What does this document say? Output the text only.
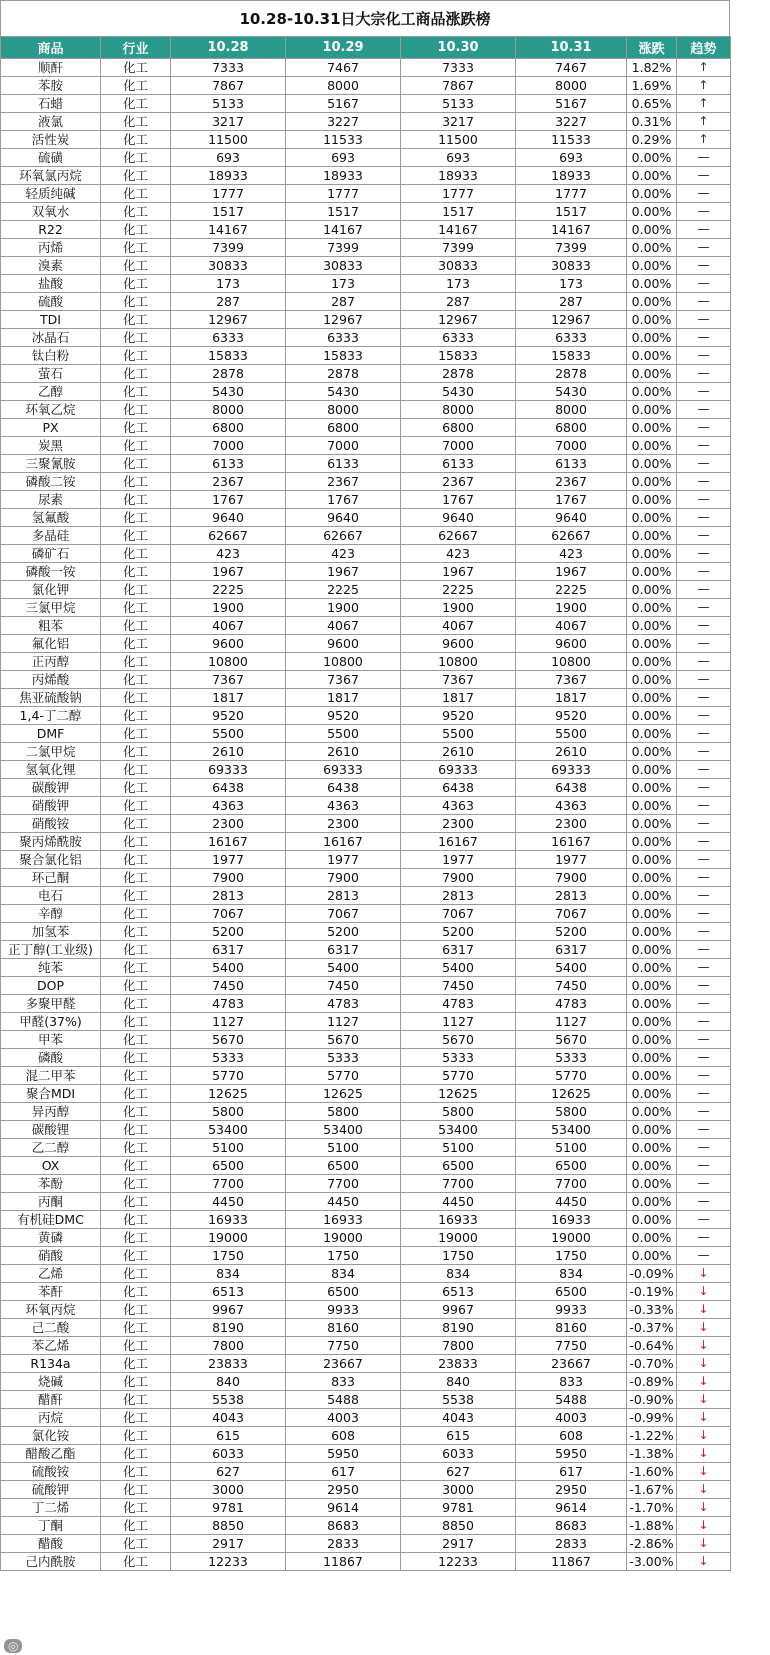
10.28-10.31日大宗化工商品涨跌榜
商品	行业	10.28	10.29	10.30	10.31	涨跌	趋势
顺酐	化工	7333	7467	7333	7467	1.82%	↑
苯胺	化工	7867	8000	7867	8000	1.69%	↑
石蜡	化工	5133	5167	5133	5167	0.65%	↑
液氯	化工	3217	3227	3217	3227	0.31%	↑
活性炭	化工	11500	11533	11500	11533	0.29%	↑
硫磺	化工	693	693	693	693	0.00%	—
环氧氯丙烷	化工	18933	18933	18933	18933	0.00%	—
轻质纯碱	化工	1777	1777	1777	1777	0.00%	—
双氧水	化工	1517	1517	1517	1517	0.00%	—
R22	化工	14167	14167	14167	14167	0.00%	—
丙烯	化工	7399	7399	7399	7399	0.00%	—
溴素	化工	30833	30833	30833	30833	0.00%	—
盐酸	化工	173	173	173	173	0.00%	—
硫酸	化工	287	287	287	287	0.00%	—
TDI	化工	12967	12967	12967	12967	0.00%	—
冰晶石	化工	6333	6333	6333	6333	0.00%	—
钛白粉	化工	15833	15833	15833	15833	0.00%	—
萤石	化工	2878	2878	2878	2878	0.00%	—
乙醇	化工	5430	5430	5430	5430	0.00%	—
环氧乙烷	化工	8000	8000	8000	8000	0.00%	—
PX	化工	6800	6800	6800	6800	0.00%	—
炭黑	化工	7000	7000	7000	7000	0.00%	—
三聚氰胺	化工	6133	6133	6133	6133	0.00%	—
磷酸二铵	化工	2367	2367	2367	2367	0.00%	—
尿素	化工	1767	1767	1767	1767	0.00%	—
氢氟酸	化工	9640	9640	9640	9640	0.00%	—
多晶硅	化工	62667	62667	62667	62667	0.00%	—
磷矿石	化工	423	423	423	423	0.00%	—
磷酸一铵	化工	1967	1967	1967	1967	0.00%	—
氯化钾	化工	2225	2225	2225	2225	0.00%	—
三氯甲烷	化工	1900	1900	1900	1900	0.00%	—
粗苯	化工	4067	4067	4067	4067	0.00%	—
氟化铝	化工	9600	9600	9600	9600	0.00%	—
正丙醇	化工	10800	10800	10800	10800	0.00%	—
丙烯酸	化工	7367	7367	7367	7367	0.00%	—
焦亚硫酸钠	化工	1817	1817	1817	1817	0.00%	—
1,4-丁二醇	化工	9520	9520	9520	9520	0.00%	—
DMF	化工	5500	5500	5500	5500	0.00%	—
二氯甲烷	化工	2610	2610	2610	2610	0.00%	—
氢氧化锂	化工	69333	69333	69333	69333	0.00%	—
碳酸钾	化工	6438	6438	6438	6438	0.00%	—
硝酸钾	化工	4363	4363	4363	4363	0.00%	—
硝酸铵	化工	2300	2300	2300	2300	0.00%	—
聚丙烯酰胺	化工	16167	16167	16167	16167	0.00%	—
聚合氯化铝	化工	1977	1977	1977	1977	0.00%	—
环己酮	化工	7900	7900	7900	7900	0.00%	—
电石	化工	2813	2813	2813	2813	0.00%	—
辛醇	化工	7067	7067	7067	7067	0.00%	—
加氢苯	化工	5200	5200	5200	5200	0.00%	—
正丁醇(工业级)	化工	6317	6317	6317	6317	0.00%	—
纯苯	化工	5400	5400	5400	5400	0.00%	—
DOP	化工	7450	7450	7450	7450	0.00%	—
多聚甲醛	化工	4783	4783	4783	4783	0.00%	—
甲醛(37%)	化工	1127	1127	1127	1127	0.00%	—
甲苯	化工	5670	5670	5670	5670	0.00%	—
磷酸	化工	5333	5333	5333	5333	0.00%	—
混二甲苯	化工	5770	5770	5770	5770	0.00%	—
聚合MDI	化工	12625	12625	12625	12625	0.00%	—
异丙醇	化工	5800	5800	5800	5800	0.00%	—
碳酸锂	化工	53400	53400	53400	53400	0.00%	—
乙二醇	化工	5100	5100	5100	5100	0.00%	—
OX	化工	6500	6500	6500	6500	0.00%	—
苯酚	化工	7700	7700	7700	7700	0.00%	—
丙酮	化工	4450	4450	4450	4450	0.00%	—
有机硅DMC	化工	16933	16933	16933	16933	0.00%	—
黄磷	化工	19000	19000	19000	19000	0.00%	—
硝酸	化工	1750	1750	1750	1750	0.00%	—
乙烯	化工	834	834	834	834	-0.09%	↓
苯酐	化工	6513	6500	6513	6500	-0.19%	↓
环氧丙烷	化工	9967	9933	9967	9933	-0.33%	↓
己二酸	化工	8190	8160	8190	8160	-0.37%	↓
苯乙烯	化工	7800	7750	7800	7750	-0.64%	↓
R134a	化工	23833	23667	23833	23667	-0.70%	↓
烧碱	化工	840	833	840	833	-0.89%	↓
醋酐	化工	5538	5488	5538	5488	-0.90%	↓
丙烷	化工	4043	4003	4043	4003	-0.99%	↓
氯化铵	化工	615	608	615	608	-1.22%	↓
醋酸乙酯	化工	6033	5950	6033	5950	-1.38%	↓
硫酸铵	化工	627	617	627	617	-1.60%	↓
硫酸钾	化工	3000	2950	3000	2950	-1.67%	↓
丁二烯	化工	9781	9614	9781	9614	-1.70%	↓
丁酮	化工	8850	8683	8850	8683	-1.88%	↓
醋酸	化工	2917	2833	2917	2833	-2.86%	↓
己内酰胺	化工	12233	11867	12233	11867	-3.00%	↓
◎
